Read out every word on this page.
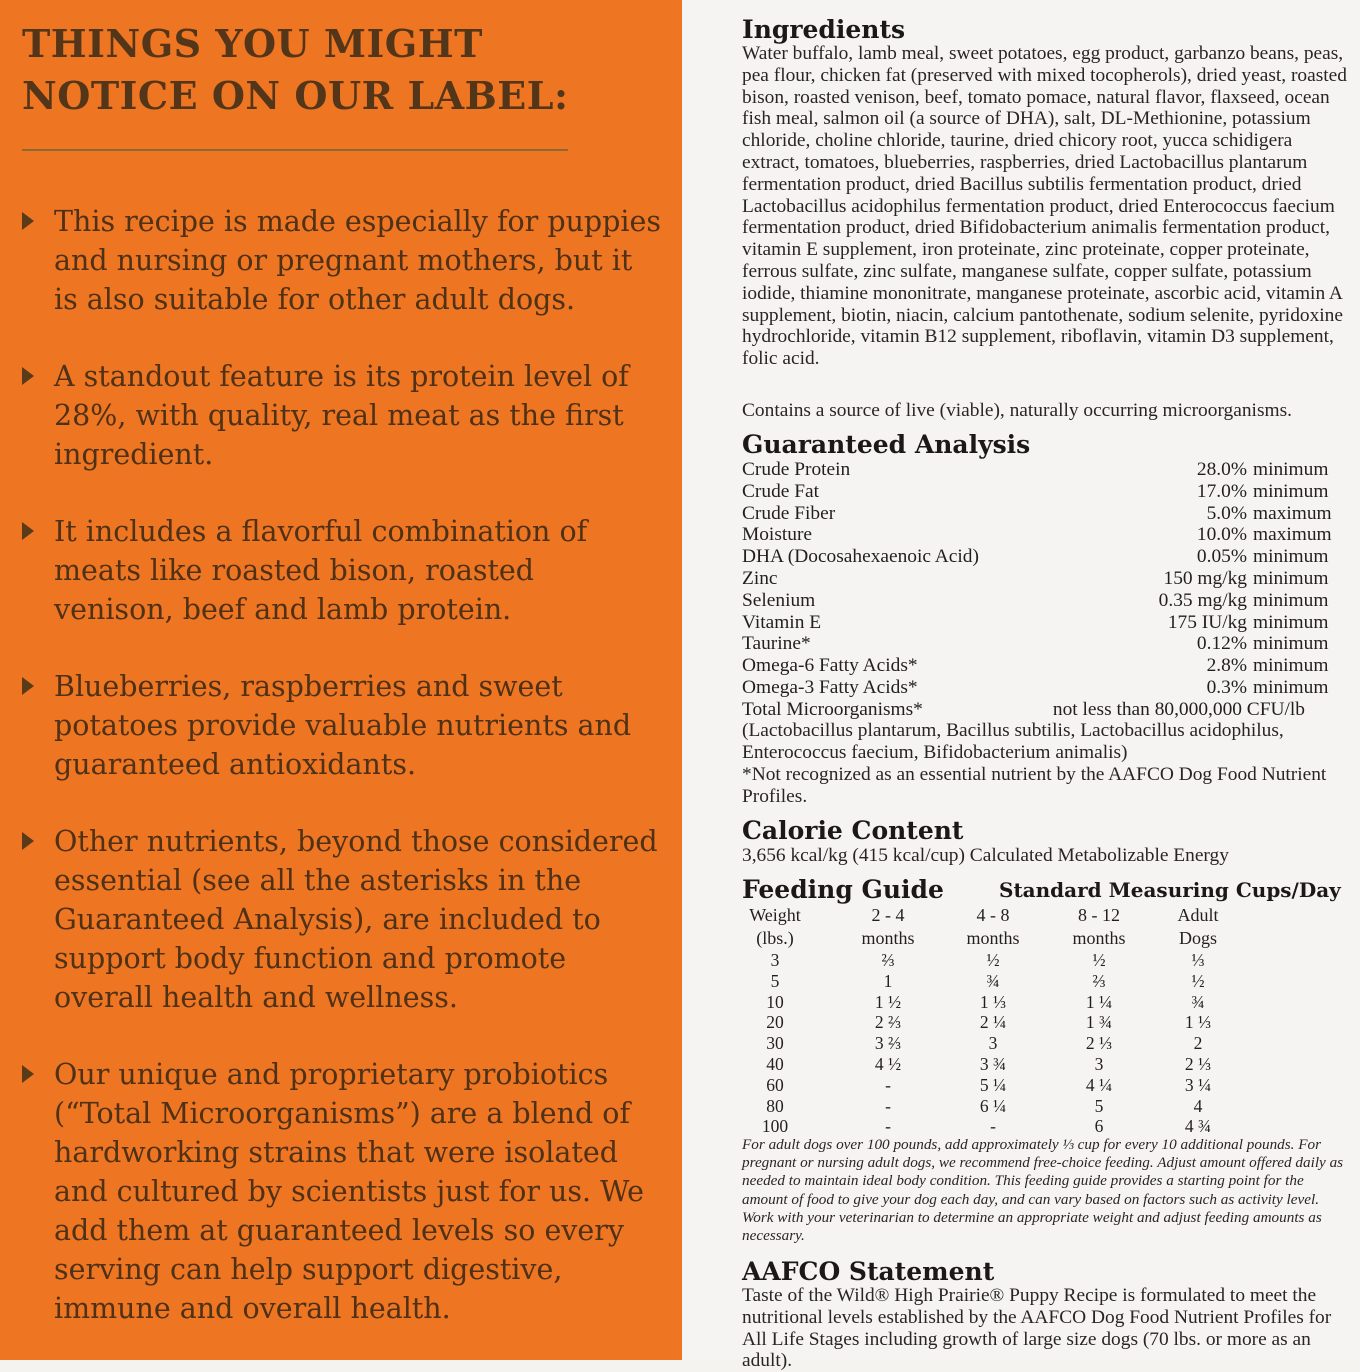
THINGS YOU MIGHT
NOTICE ON OUR LABEL:
This recipe is made especially for puppies and nursing or pregnant mothers, but it is also suitable for other adult dogs.
A standout feature is its protein level of 28%, with quality, real meat as the first ingredient.
It includes a flavorful combination of meats like roasted bison, roasted venison, beef and lamb protein.
Blueberries, raspberries and sweet potatoes provide valuable nutrients and guaranteed antioxidants.
Other nutrients, beyond those considered essential (see all the asterisks in the Guaranteed Analysis), are included to support body function and promote overall health and wellness.
Our unique and proprietary probiotics (“Total Microorganisms”) are a blend of hardworking strains that were isolated and cultured by scientists just for us. We add them at guaranteed levels so every serving can help support digestive, immune and overall health.
Ingredients
Water buffalo, lamb meal, sweet potatoes, egg product, garbanzo beans, peas, pea flour, chicken fat (preserved with mixed tocopherols), dried yeast, roasted bison, roasted venison, beef, tomato pomace, natural flavor, flaxseed, ocean fish meal, salmon oil (a source of DHA), salt, DL-Methionine, potassium chloride, choline chloride, taurine, dried chicory root, yucca schidigera extract, tomatoes, blueberries, raspberries, dried Lactobacillus plantarum fermentation product, dried Bacillus subtilis fermentation product, dried Lactobacillus acidophilus fermentation product, dried Enterococcus faecium fermentation product, dried Bifidobacterium animalis fermentation product, vitamin E supplement, iron proteinate, zinc proteinate, copper proteinate, ferrous sulfate, zinc sulfate, manganese sulfate, copper sulfate, potassium iodide, thiamine mononitrate, manganese proteinate, ascorbic acid, vitamin A supplement, biotin, niacin, calcium pantothenate, sodium selenite, pyridoxine hydrochloride, vitamin B12 supplement, riboflavin, vitamin D3 supplement, folic acid.
Contains a source of live (viable), naturally occurring microorganisms.
Guaranteed Analysis
Crude Protein	28.0% minimum
Crude Fat	17.0% minimum
Crude Fiber	5.0% maximum
Moisture	10.0% maximum
DHA (Docosahexaenoic Acid)	0.05% minimum
Zinc	150 mg/kg minimum
Selenium	0.35 mg/kg minimum
Vitamin E	175 IU/kg minimum
Taurine*	0.12% minimum
Omega-6 Fatty Acids*	2.8% minimum
Omega-3 Fatty Acids*	0.3% minimum
Total Microorganisms*	not less than 80,000,000 CFU/lb
(Lactobacillus plantarum, Bacillus subtilis, Lactobacillus acidophilus, Enterococcus faecium, Bifidobacterium animalis)
*Not recognized as an essential nutrient by the AAFCO Dog Food Nutrient Profiles.
Calorie Content
3,656 kcal/kg (415 kcal/cup) Calculated Metabolizable Energy
Feeding Guide	Standard Measuring Cups/Day
Weight	2 - 4	4 - 8	8 - 12	Adult
(lbs.)	months	months	months	Dogs
3	⅔	½	½	⅓
5	1	¾	⅔	½
10	1 ½	1 ⅓	1 ¼	¾
20	2 ⅔	2 ¼	1 ¾	1 ⅓
30	3 ⅔	3	2 ⅓	2
40	4 ½	3 ¾	3	2 ⅓
60	-	5 ¼	4 ¼	3 ¼
80	-	6 ¼	5	4
100	-	-	6	4 ¾
For adult dogs over 100 pounds, add approximately ⅓ cup for every 10 additional pounds. For pregnant or nursing adult dogs, we recommend free-choice feeding. Adjust amount offered daily as needed to maintain ideal body condition. This feeding guide provides a starting point for the amount of food to give your dog each day, and can vary based on factors such as activity level. Work with your veterinarian to determine an appropriate weight and adjust feeding amounts as necessary.
AAFCO Statement
Taste of the Wild® High Prairie® Puppy Recipe is formulated to meet the nutritional levels established by the AAFCO Dog Food Nutrient Profiles for All Life Stages including growth of large size dogs (70 lbs. or more as an adult).
